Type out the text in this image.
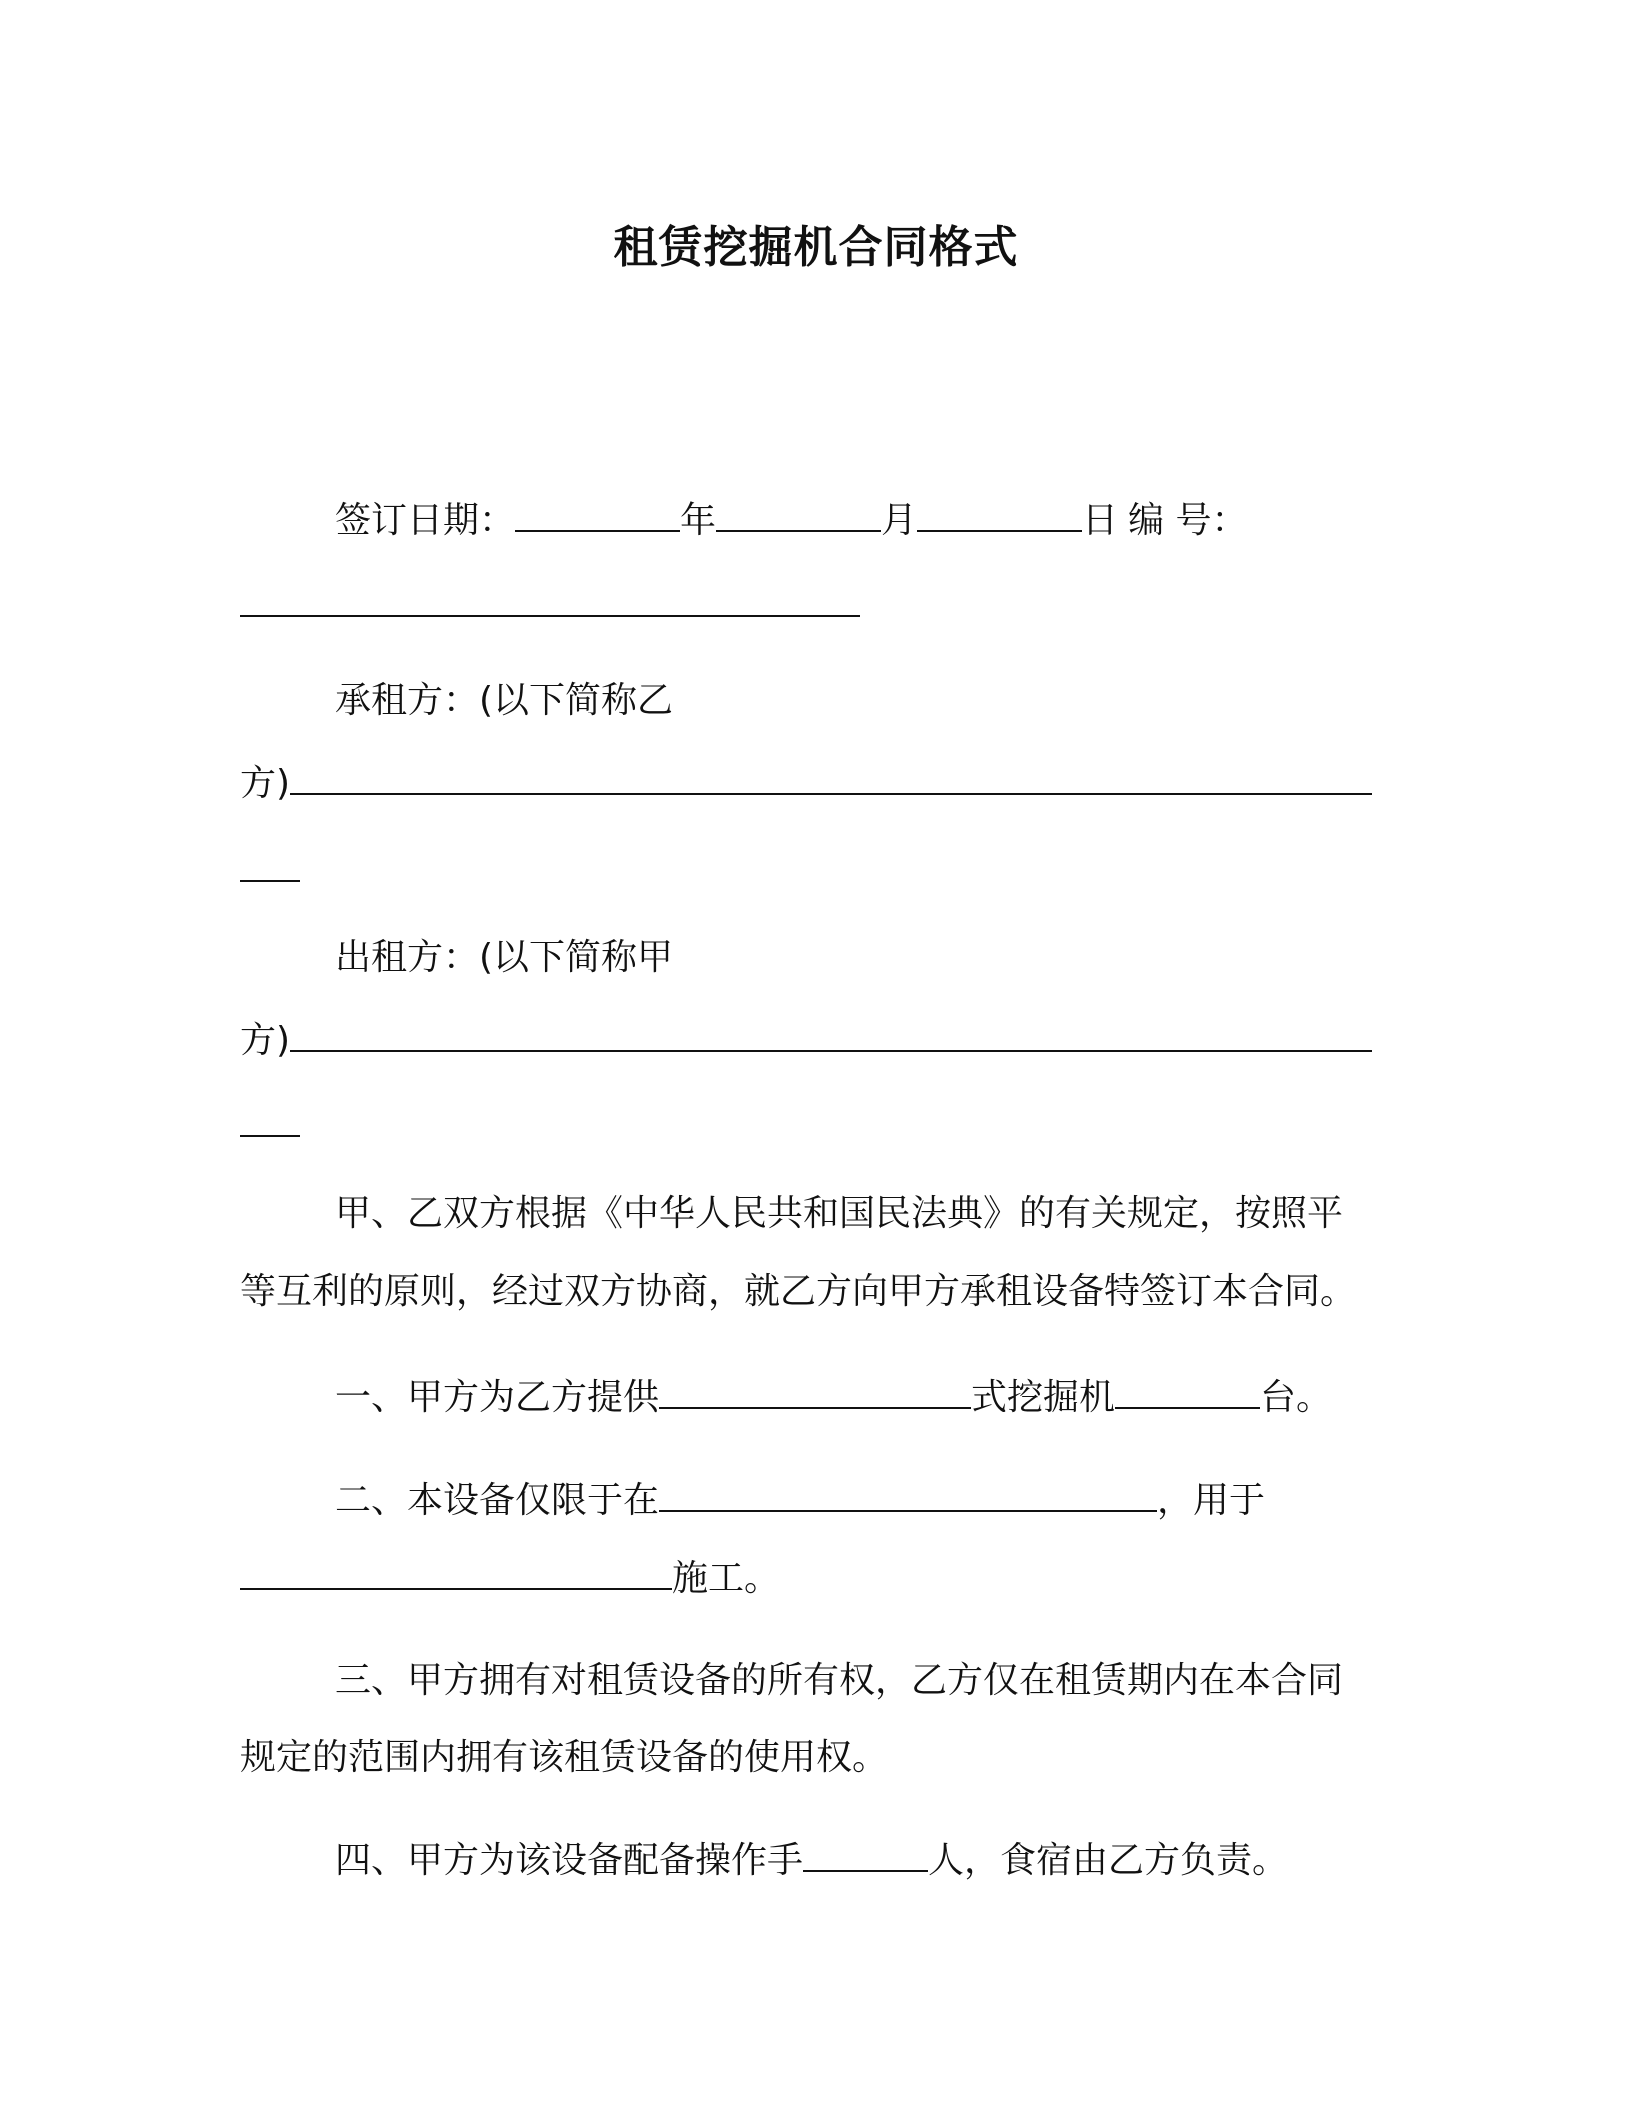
租赁挖掘机合同格式
签订日期：	年	月	日 编 号：
承租方：(以下简称乙
方)
出租方：(以下简称甲
方)
甲、乙双方根据《中华人民共和国民法典》的有关规定，按照平
等互利的原则，经过双方协商，就乙方向甲方承租设备特签订本合同。
一、甲方为乙方提供	式挖掘机	台。
二、本设备仅限于在	，用于
施工。
三、甲方拥有对租赁设备的所有权，乙方仅在租赁期内在本合同
规定的范围内拥有该租赁设备的使用权。
四、甲方为该设备配备操作手	人，食宿由乙方负责。
